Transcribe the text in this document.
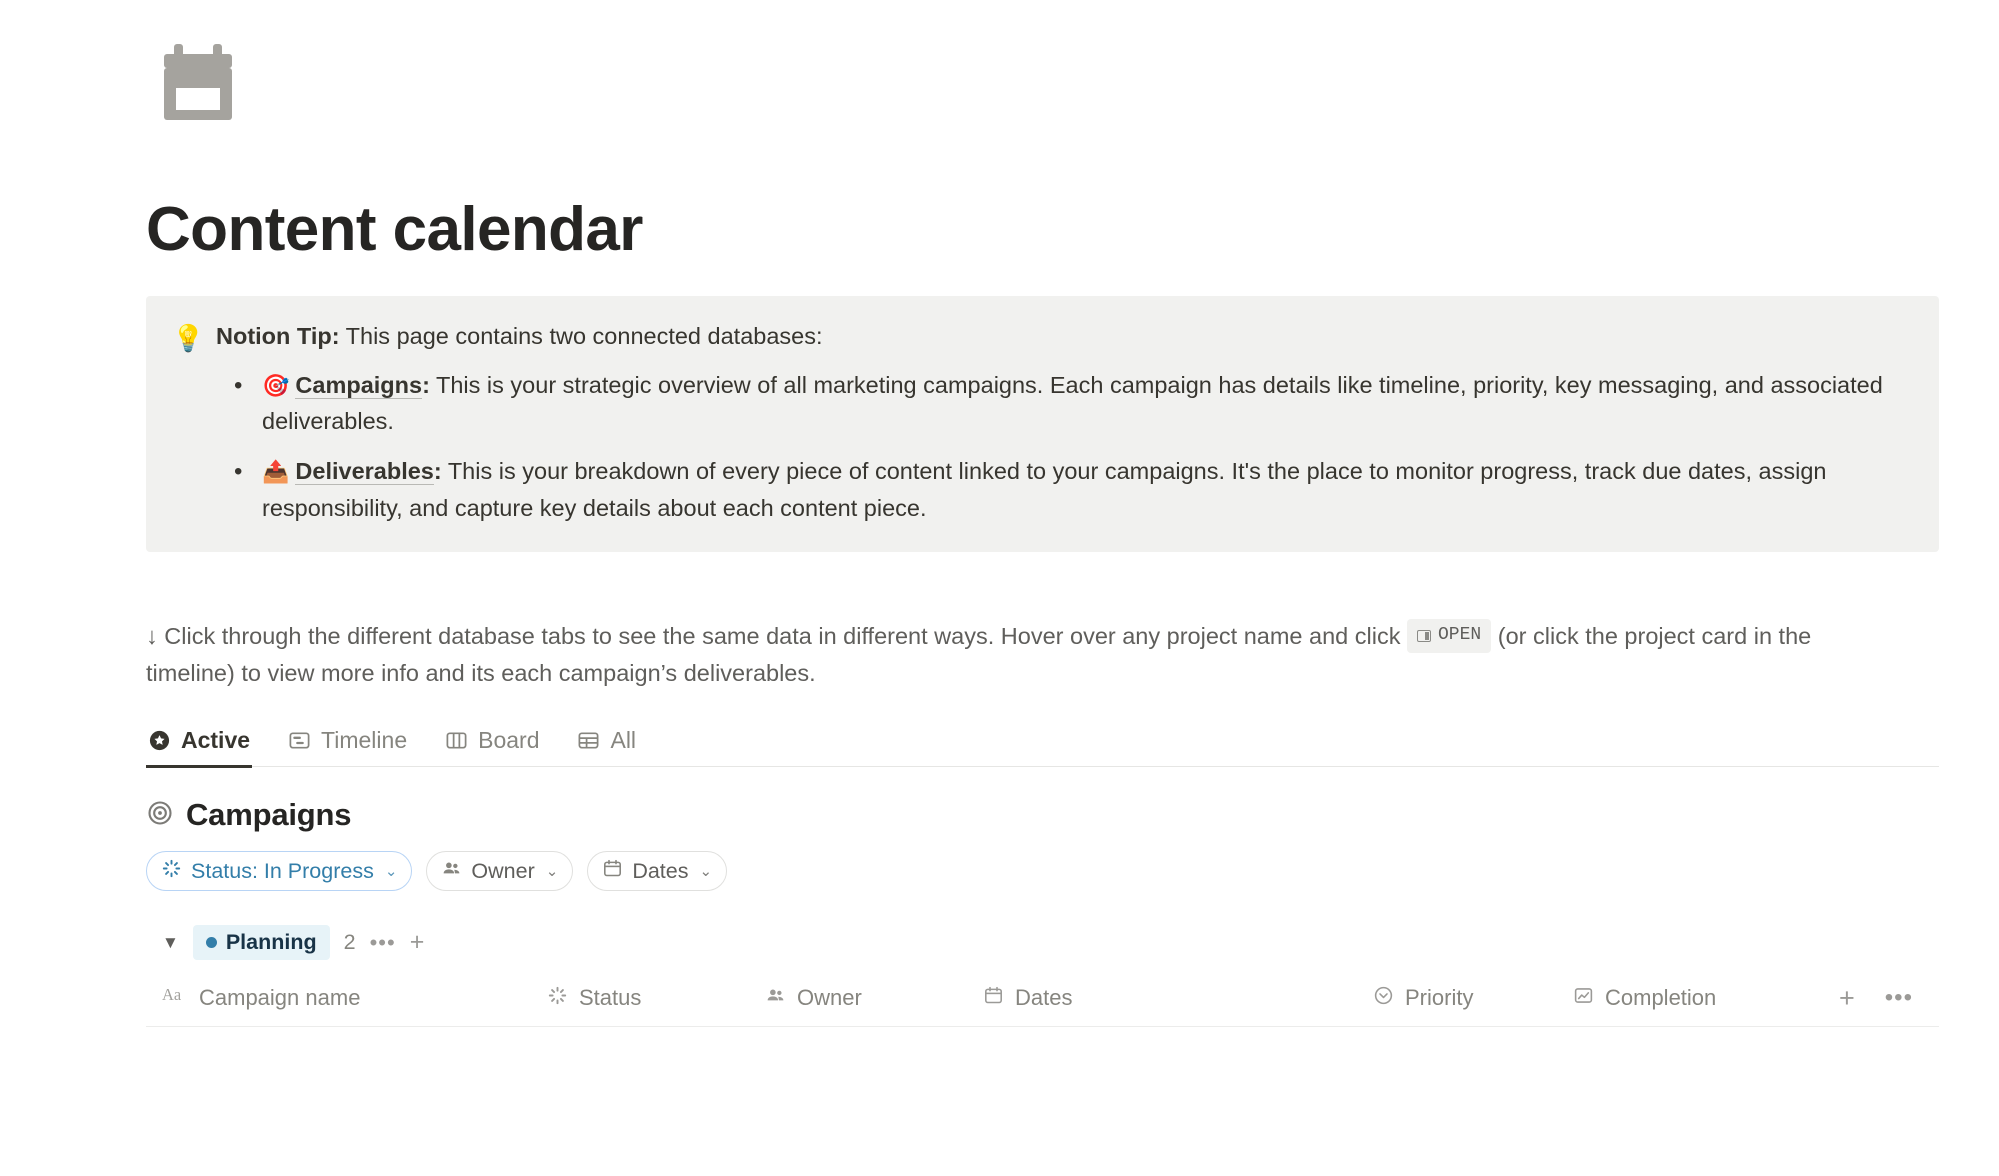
Content calendar
💡 Notion Tip: This page contains two connected databases:
• 🎯 Campaigns: This is your strategic overview of all marketing campaigns. Each campaign has details like timeline, priority, key messaging, and associated deliverables.
• 📤 Deliverables: This is your breakdown of every piece of content linked to your campaigns. It's the place to monitor progress, track due dates, assign responsibility, and capture key details about each content piece.
↓ Click through the different database tabs to see the same data in different ways. Hover over any project name and click OPEN (or click the project card in the timeline) to view more info and its each campaign’s deliverables.
Active	Timeline	Board	All
Campaigns
Status: In Progress ⌄	Owner ⌄	Dates ⌄
▼ Planning 2 ••• +
Aa Campaign name	Status	Owner	Dates	Priority	Completion	+ •••
